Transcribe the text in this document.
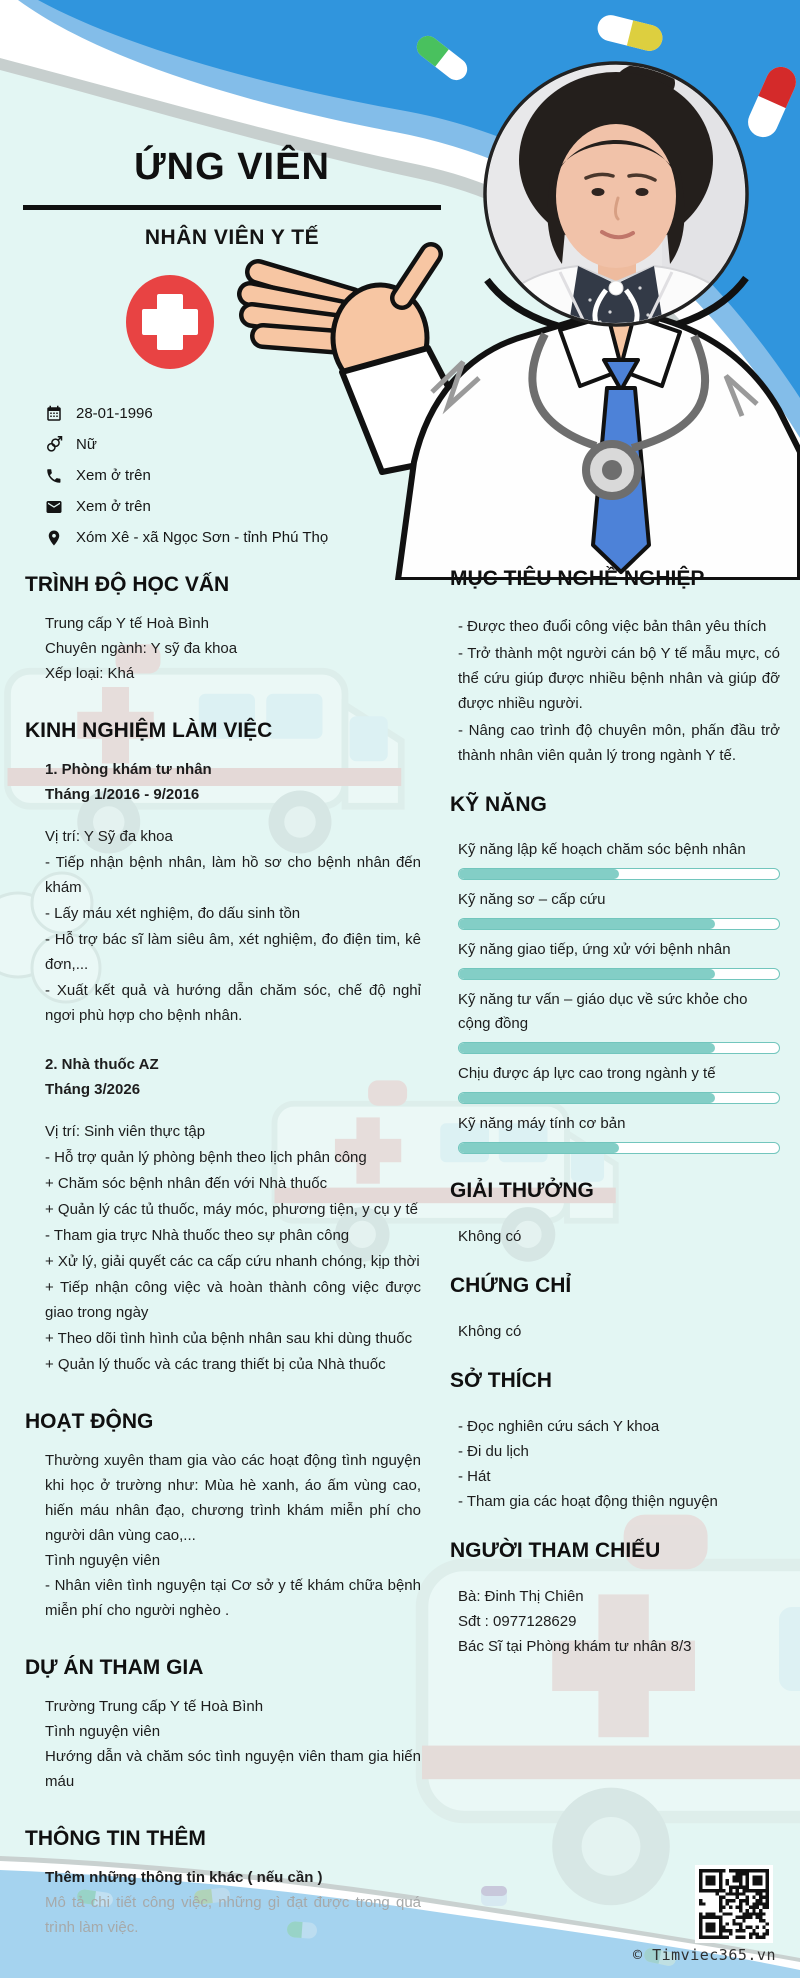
ỨNG VIÊN
NHÂN VIÊN Y TẾ
28-01-1996
Nữ
Xem ở trên
Xem ở trên
Xóm Xê - xã Ngọc Sơn - tỉnh Phú Thọ
TRÌNH ĐỘ HỌC VẤN

Trung cấp Y tế Hoà Bình

Chuyên ngành: Y sỹ đa khoa

Xếp loại: Khá

KINH NGHIỆM LÀM VIỆC

1. Phòng khám tư nhân

Tháng 1/2016 - 9/2016

Vị trí: Y Sỹ đa khoa

- Tiếp nhận bệnh nhân, làm hồ sơ cho bệnh nhân đến khám

- Lấy máu xét nghiệm, đo dấu sinh tồn

- Hỗ trợ bác sĩ làm siêu âm, xét nghiệm, đo điện tim, kê đơn,...

- Xuất kết quả và hướng dẫn chăm sóc, chế độ nghỉ ngơi phù hợp cho bệnh nhân.

2. Nhà thuốc AZ

Tháng 3/2026

Vị trí: Sinh viên thực tập

- Hỗ trợ quản lý phòng bệnh theo lịch phân công

+ Chăm sóc bệnh nhân đến với Nhà thuốc

+ Quản lý các tủ thuốc, máy móc, phương tiện, y cụ y tế

- Tham gia trực Nhà thuốc theo sự phân công

+ Xử lý, giải quyết các ca cấp cứu nhanh chóng, kịp thời

+ Tiếp nhận công việc và hoàn thành công việc được giao trong ngày

+ Theo dõi tình hình của bệnh nhân sau khi dùng thuốc

+ Quản lý thuốc và các trang thiết bị của Nhà thuốc

HOẠT ĐỘNG

Thường xuyên tham gia vào các hoạt động tình nguyện khi học ở trường như: Mùa hè xanh, áo ấm vùng cao, hiến máu nhân đạo, chương trình khám miễn phí cho người dân vùng cao,...

Tình nguyện viên

- Nhân viên tình nguyện tại Cơ sở y tế khám chữa bệnh miễn phí cho người nghèo .

DỰ ÁN THAM GIA

Trường Trung cấp Y tế Hoà Bình

Tình nguyện viên

Hướng dẫn và chăm sóc tình nguyện viên tham gia hiến máu

THÔNG TIN THÊM

Thêm những thông tin khác ( nếu cần )

Mô tả chi tiết công việc, những gì đạt được trong quá trình làm việc.

MỤC TIÊU NGHỀ NGHIỆP

- Được theo đuổi công việc bản thân yêu thích

- Trở thành một người cán bộ Y tế mẫu mực, có thể cứu giúp được nhiều bệnh nhân và giúp đỡ được nhiều người.

- Nâng cao trình độ chuyên môn, phấn đầu trở thành nhân viên quản lý trong ngành Y tế.

KỸ NĂNG
Kỹ năng lập kế hoạch chăm sóc bệnh nhân
Kỹ năng sơ – cấp cứu
Kỹ năng giao tiếp, ứng xử với bệnh nhân
Kỹ năng tư vấn – giáo dục về sức khỏe cho cộng đồng
Chịu được áp lực cao trong ngành y tế
Kỹ năng máy tính cơ bản
GIẢI THƯỞNG

Không có

CHỨNG CHỈ

Không có

SỞ THÍCH

- Đọc nghiên cứu sách Y khoa

- Đi du lịch

- Hát

- Tham gia các hoạt động thiện nguyện

NGƯỜI THAM CHIẾU

Bà: Đinh Thị Chiên

Sđt : 0977128629

Bác Sĩ tại Phòng khám tư nhân 8/3

© Timviec365.vn
